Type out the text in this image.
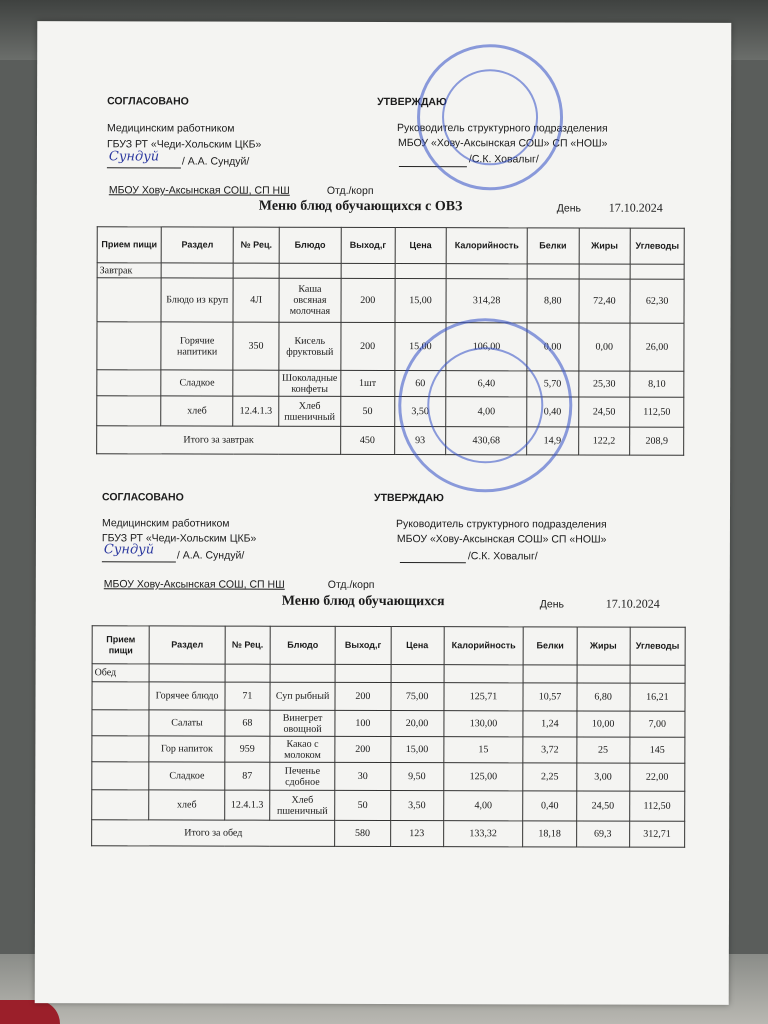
СОГЛАСОВАНО	УТВЕРЖДАЮ
Медицинским работником	Руководитель структурного подразделения
ГБУЗ РТ «Чеди-Хольским ЦКБ»	МБОУ «Хову-Аксынская СОШ» СП «НОШ»
Сундуй / А.А. Сундуй/	/С.К. Ховалыг/
МБОУ Хову-Аксынская СОШ, СП НШ	Отд./корп
Меню блюд обучающихся с ОВЗ	День 17.10.2024
Прием пищи	Раздел	№ Рец.	Блюдо	Выход,г	Цена	Калорийность	Белки	Жиры	Углеводы
Завтрак									
	Блюдо из круп	4Л	Каша овсяная молочная	200	15,00	314,28	8,80	72,40	62,30
	Горячие напитики	350	Кисель фруктовый	200	15,00	106,00	0,00	0,00	26,00
	Сладкое		Шоколадные конфеты	1шт	60	6,40	5,70	25,30	8,10
	хлеб	12.4.1.3	Хлеб пшеничный	50	3,50	4,00	0,40	24,50	112,50
Итого за завтрак				450	93	430,68	14,9	122,2	208,9
СОГЛАСОВАНО	УТВЕРЖДАЮ
Медицинским работником	Руководитель структурного подразделения
ГБУЗ РТ «Чеди-Хольским ЦКБ»	МБОУ «Хову-Аксынская СОШ» СП «НОШ»
Сундуй / А.А. Сундуй/	/С.К. Ховалыг/
МБОУ Хову-Аксынская СОШ, СП НШ	Отд./корп
Меню блюд обучающихся	День	17.10.2024
Прием пищи	Раздел	№ Рец.	Блюдо	Выход,г	Цена	Калорийность	Белки	Жиры	Углеводы
Обед									
	Горячее блюдо	71	Суп рыбный	200	75,00	125,71	10,57	6,80	16,21
	Салаты	68	Винегрет овощной	100	20,00	130,00	1,24	10,00	7,00
	Гор напиток	959	Какао с молоком	200	15,00	15	3,72	25	145
	Сладкое	87	Печенье сдобное	30	9,50	125,00	2,25	3,00	22,00
	хлеб	12.4.1.3	Хлеб пшеничный	50	3,50	4,00	0,40	24,50	112,50
Итого за обед				580	123	133,32	18,18	69,3	312,71
